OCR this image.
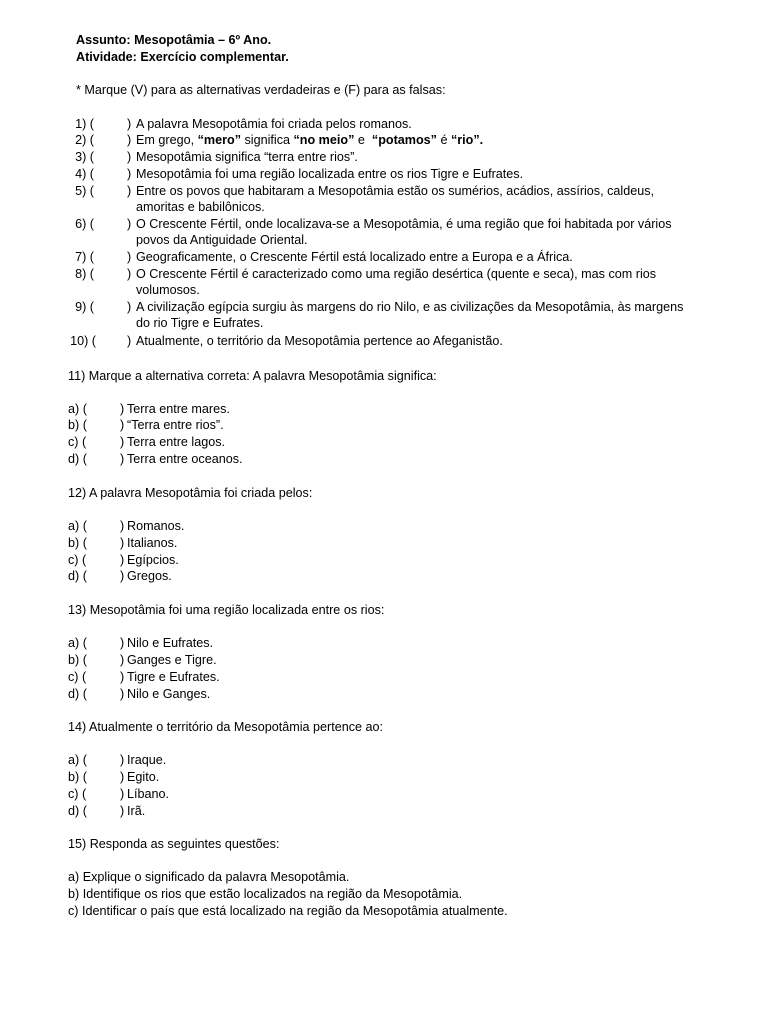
Assunto: Mesopotâmia – 6º Ano.
Atividade: Exercício complementar.
* Marque (V) para as alternativas verdadeiras e (F) para as falsas:
1) (	) A palavra Mesopotâmia foi criada pelos romanos.
2) (	) Em grego, “mero” significa “no meio” e  “potamos” é “rio”.
3) (	) Mesopotâmia significa “terra entre rios”.
4) (	) Mesopotâmia foi uma região localizada entre os rios Tigre e Eufrates.
5) (	) Entre os povos que habitaram a Mesopotâmia estão os sumérios, acádios, assírios, caldeus,
amoritas e babilônicos.
6) (	) O Crescente Fértil, onde localizava-se a Mesopotâmia, é uma região que foi habitada por vários
povos da Antiguidade Oriental.
7) (	) Geograficamente, o Crescente Fértil está localizado entre a Europa e a África.
8) (	) O Crescente Fértil é caracterizado como uma região desértica (quente e seca), mas com rios
volumosos.
9) (	) A civilização egípcia surgiu às margens do rio Nilo, e as civilizações da Mesopotâmia, às margens
do rio Tigre e Eufrates.
10) ( ) Atualmente, o território da Mesopotâmia pertence ao Afeganistão.
11) Marque a alternativa correta: A palavra Mesopotâmia significa:
a) (	) Terra entre mares.
b) (	) “Terra entre rios”.
c) (	) Terra entre lagos.
d) (	) Terra entre oceanos.
12) A palavra Mesopotâmia foi criada pelos:
a) (	) Romanos.
b) (	) Italianos.
c) (	) Egípcios.
d) (	) Gregos.
13) Mesopotâmia foi uma região localizada entre os rios:
a) (	) Nilo e Eufrates.
b) (	) Ganges e Tigre.
c) (	) Tigre e Eufrates.
d) (	) Nilo e Ganges.
14) Atualmente o território da Mesopotâmia pertence ao:
a) (	) Iraque.
b) (	) Egito.
c) (	) Líbano.
d) (	) Irã.
15) Responda as seguintes questões:
a) Explique o significado da palavra Mesopotâmia.
b) Identifique os rios que estão localizados na região da Mesopotâmia.
c) Identificar o país que está localizado na região da Mesopotâmia atualmente.
